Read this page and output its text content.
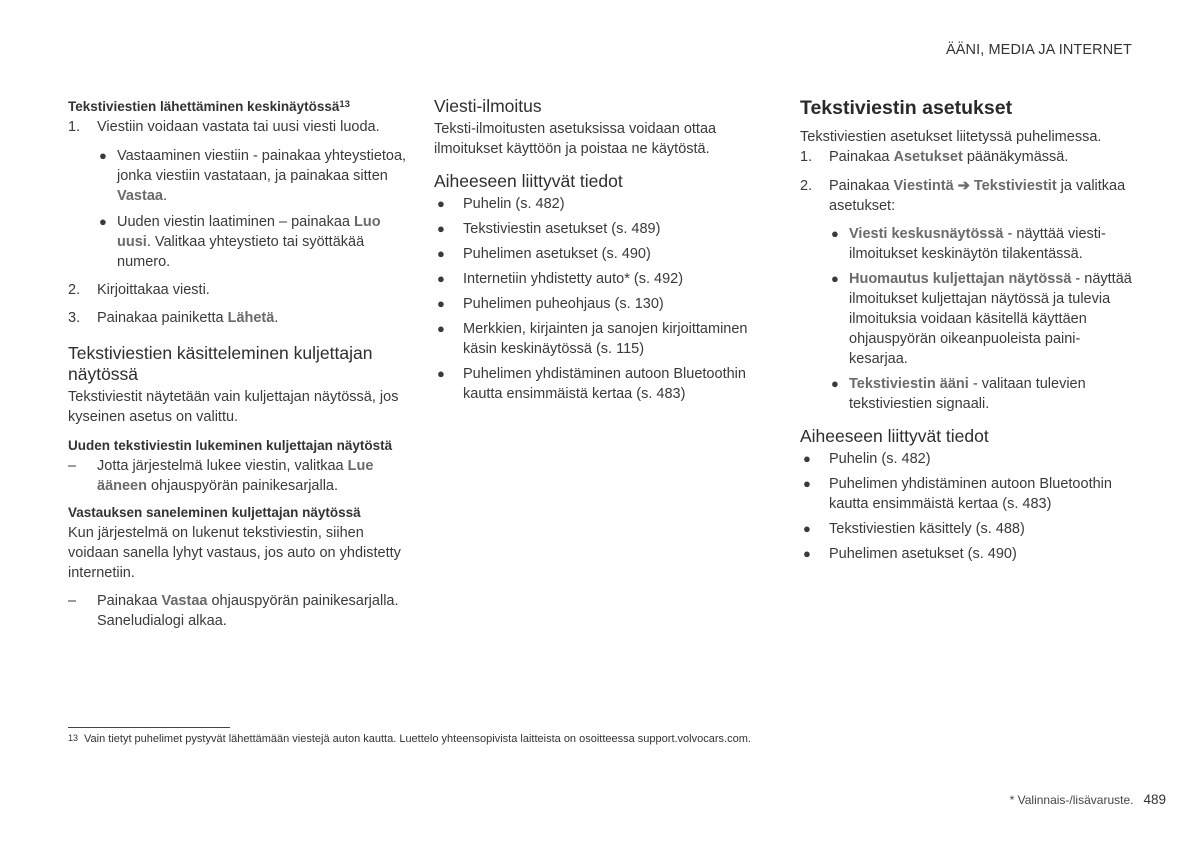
ÄÄNI, MEDIA JA INTERNET

Tekstiviestien lähettäminen keskinäytössä$^{13}$

1. Viestiin voidaan vastata tai uusi viesti luoda.
● Vastaaminen viestiin - painakaa yhteystietoa, jonka viestiin vastataan, ja painakaa sitten Vastaa.
● Uuden viestin laatiminen – painakaa Luo uusi. Valitkaa yhteystieto tai syöttäkää numero.
2. Kirjoittakaa viesti.
3. Painakaa painiketta Lähetä.

Tekstiviestien käsitteleminen kuljettajan näytössä

Tekstiviestit näytetään vain kuljettajan näytössä, jos kyseinen asetus on valittu.

Uuden tekstiviestin lukeminen kuljettajan näytöstä

– Jotta järjestelmä lukee viestin, valitkaa Lue ääneen ohjauspyörän painikesarjalla.

Vastauksen saneleminen kuljettajan näytössä

Kun järjestelmä on lukenut tekstiviestin, siihen voidaan sanella lyhyt vastaus, jos auto on yhdistetty internetiin.

– Painakaa Vastaa ohjauspyörän painikesarjalla. Saneludialogi alkaa.

Viesti-ilmoitus

Teksti-ilmoitusten asetuksissa voidaan ottaa ilmoitukset käyttöön ja poistaa ne käytöstä.

Aiheeseen liittyvät tiedot

● Puhelin (s. 482)
● Tekstiviestin asetukset (s. 489)
● Puhelimen asetukset (s. 490)
● Internetiin yhdistetty auto* (s. 492)
● Puhelimen puheohjaus (s. 130)
● Merkkien, kirjainten ja sanojen kirjoittaminen käsin keskinäytössä (s. 115)
● Puhelimen yhdistäminen autoon Bluetoothin kautta ensimmäistä kertaa (s. 483)

Tekstiviestin asetukset

Tekstiviestien asetukset liitetyssä puhelimessa.

1. Painakaa Asetukset päänäkymässä.
2. Painakaa Viestintä ➔ Tekstiviestit ja valitkaa asetukset:
● Viesti keskusnäytössä - näyttää viestiilmoitukset keskinäytön tilakentässä.
● Huomautus kuljettajan näytössä - näyttää ilmoitukset kuljettajan näytössä ja tulevia ilmoituksia voidaan käsitellä käyttäen ohjauspyörän oikeanpuoleista painikesarjaa.
● Tekstiviestin ääni - valitaan tulevien tekstiviestien signaali.

Aiheeseen liittyvät tiedot

● Puhelin (s. 482)
● Puhelimen yhdistäminen autoon Bluetoothin kautta ensimmäistä kertaa (s. 483)
● Tekstiviestien käsittely (s. 488)
● Puhelimen asetukset (s. 490)
13 Vain tietyt puhelimet pystyvät lähettämään viestejä auton kautta. Luettelo yhteensopivista laitteista on osoitteessa support.volvocars.com.
* Valinnais-/lisävaruste. 489
